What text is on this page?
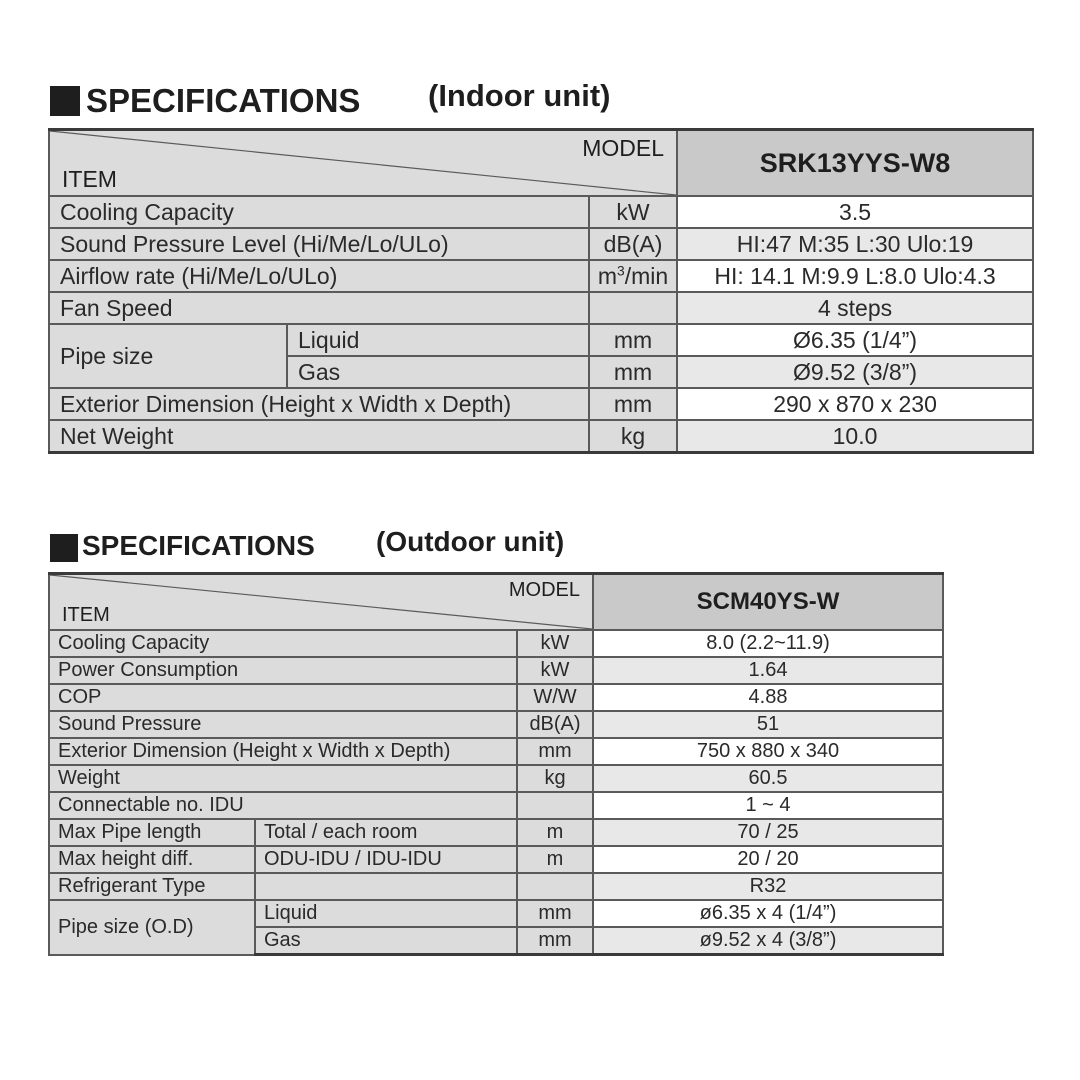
SPECIFICATIONS (Indoor unit)
ITEM
MODEL			SRK13YYS-W8
Cooling Capacity		kW	3.5
Sound Pressure Level (Hi/Me/Lo/ULo)		dB(A)	HI:47 M:35 L:30 Ulo:19
Airflow rate (Hi/Me/Lo/ULo)		$m^3/\min$	HI: 14.1 M:9.9 L:8.0 Ulo:4.3
Fan Speed			4 steps
Pipe size	Liquid	mm	Ø6.35 (1/4”)
	Gas	mm	Ø9.52 (3/8”)
Exterior Dimension (Height x Width x Depth)		mm	290 x 870 x 230
Net Weight		kg	10.0
SPECIFICATIONS (Outdoor unit)
ITEM
MODEL			SCM40YS-W
Cooling Capacity		kW	8.0 (2.2~11.9)
Power Consumption		kW	1.64
COP		W/W	4.88
Sound Pressure		dB(A)	51
Exterior Dimension (Height x Width x Depth)		mm	750 x 880 x 340
Weight		kg	60.5
Connectable no. IDU			1 ~ 4
Max Pipe length	Total / each room	m	70 / 25
Max height diff.	ODU-IDU / IDU-IDU	m	20 / 20
Refrigerant Type			R32
Pipe size (O.D)	Liquid	mm	ø6.35 x 4 (1/4”)
	Gas	mm	ø9.52 x 4 (3/8”)
